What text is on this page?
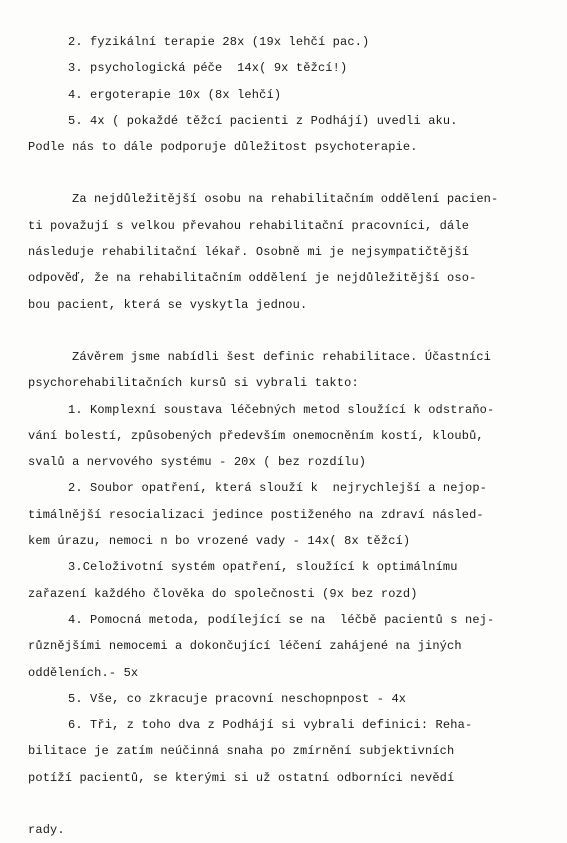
2. fyzikální terapie 28x (19x lehčí pac.)

3. psychologická péče  14x( 9x těžcí!)

4. ergoterapie 10x (8x lehčí)

5. 4x ( pokaždé těžcí pacienti z Podhájí) uvedli aku.

Podle nás to dále podporuje důležitost psychoterapie.

Za nejdůležitější osobu na rehabilitačním oddělení pacien-

ti považují s velkou převahou rehabilitační pracovníci, dále

následuje rehabilitační lékař. Osobně mi je nejsympatičtější

odpověď, že na rehabilitačním oddělení je nejdůležitější oso-

bou pacient, která se vyskytla jednou.

Závěrem jsme nabídli šest definic rehabilitace. Účastníci

psychorehabilitačních kursů si vybrali takto:

1. Komplexní soustava léčebných metod sloužící k odstraňo-

vání bolestí, způsobených především onemocněním kostí, kloubů,

svalů a nervového systému - 20x ( bez rozdílu)

2. Soubor opatření, která slouží k  nejrychlejší a nejop-

timálnější resocializaci jedince postiženého na zdraví násled-

kem úrazu, nemoci n bo vrozené vady - 14x( 8x těžcí)

3.Celoživotní systém opatření, sloužící k optimálnímu

zařazení každého člověka do společnosti (9x bez rozd)

4. Pomocná metoda, podílející se na  léčbě pacientů s nej-

různějšími nemocemi a dokončující léčení zahájené na jiných

odděleních.- 5x

5. Vše, co zkracuje pracovní neschopnpost - 4x

6. Tři, z toho dva z Podhájí si vybrali definici: Reha-

bilitace je zatím neúčinná snaha po zmírnění subjektivních

potíží pacientů, se kterými si už ostatní odborníci nevědí

rady.
